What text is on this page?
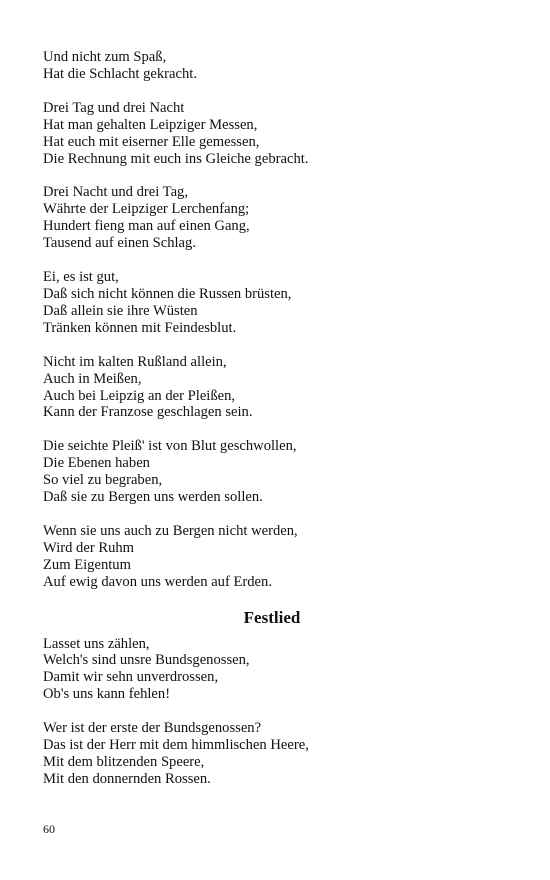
Und nicht zum Spaß,
Hat die Schlacht gekracht.
Drei Tag und drei Nacht
Hat man gehalten Leipziger Messen,
Hat euch mit eiserner Elle gemessen,
Die Rechnung mit euch ins Gleiche gebracht.
Drei Nacht und drei Tag,
Währte der Leipziger Lerchenfang;
Hundert fieng man auf einen Gang,
Tausend auf einen Schlag.
Ei, es ist gut,
Daß sich nicht können die Russen brüsten,
Daß allein sie ihre Wüsten
Tränken können mit Feindesblut.
Nicht im kalten Rußland allein,
Auch in Meißen,
Auch bei Leipzig an der Pleißen,
Kann der Franzose geschlagen sein.
Die seichte Pleiß' ist von Blut geschwollen,
Die Ebenen haben
So viel zu begraben,
Daß sie zu Bergen uns werden sollen.
Wenn sie uns auch zu Bergen nicht werden,
Wird der Ruhm
Zum Eigentum
Auf ewig davon uns werden auf Erden.
Festlied
Lasset uns zählen,
Welch's sind unsre Bundsgenossen,
Damit wir sehn unverdrossen,
Ob's uns kann fehlen!
Wer ist der erste der Bundsgenossen?
Das ist der Herr mit dem himmlischen Heere,
Mit dem blitzenden Speere,
Mit den donnernden Rossen.
60
